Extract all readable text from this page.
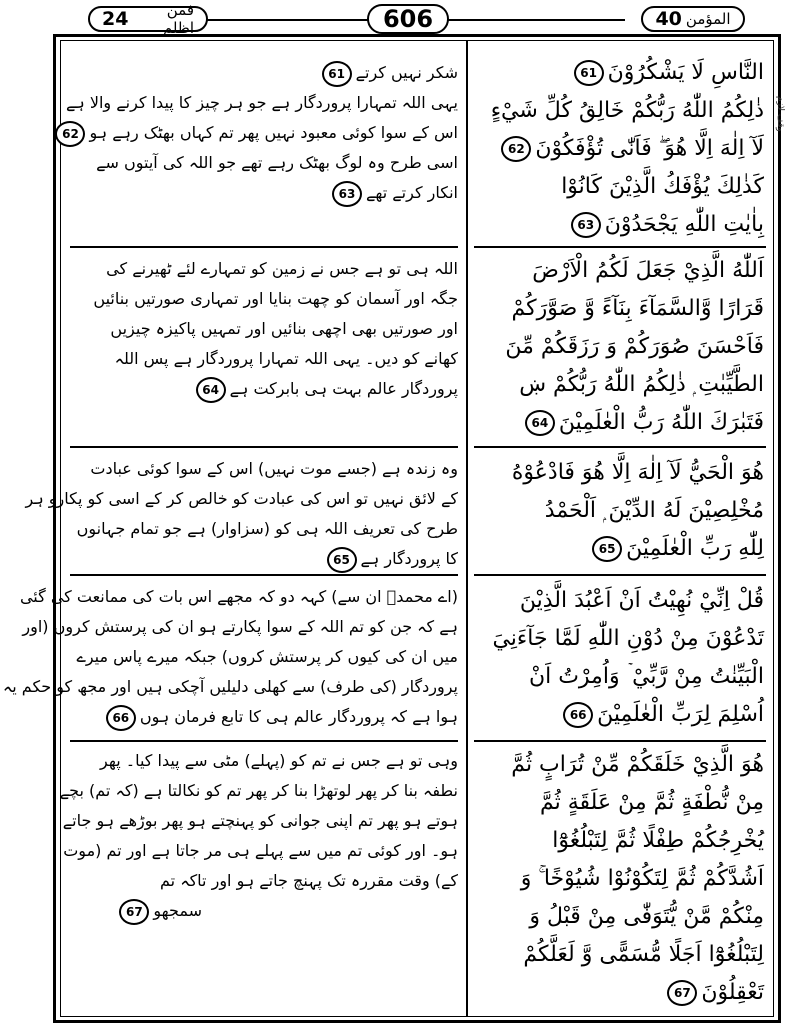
فمن اظلم
24	606	المؤمن
40
وقف لازم
النَّاسِ لَا يَشْكُرُوْنَ61
ذٰلِكُمُ اللّٰهُ رَبُّكُمْ خَالِقُ كُلِّ شَيْءٍ
لَآ اِلٰهَ اِلَّا هُوَ ۖ فَاَنّٰى تُؤْفَكُوْنَ62
كَذٰلِكَ يُؤْفَكُ الَّذِيْنَ كَانُوْا
بِاٰيٰتِ اللّٰهِ يَجْحَدُوْنَ63
اَللّٰهُ الَّذِيْ جَعَلَ لَكُمُ الْاَرْضَ
قَرَارًا وَّالسَّمَآءَ بِنَآءً وَّ صَوَّرَكُمْ
فَاَحْسَنَ صُوَرَكُمْ وَ رَزَقَكُمْ مِّنَ
الطَّيِّبٰتِ ۭ ذٰلِكُمُ اللّٰهُ رَبُّكُمْ ښ
فَتَبٰرَكَ اللّٰهُ رَبُّ الْعٰلَمِيْنَ64
هُوَ الْحَيُّ لَآ اِلٰهَ اِلَّا هُوَ فَادْعُوْهُ
مُخْلِصِيْنَ لَهُ الدِّيْنَ ۭ اَلْحَمْدُ
لِلّٰهِ رَبِّ الْعٰلَمِيْنَ65
قُلْ اِنِّيْ نُهِيْتُ اَنْ اَعْبُدَ الَّذِيْنَ
تَدْعُوْنَ مِنْ دُوْنِ اللّٰهِ لَمَّا جَآءَنِيَ
الْبَيِّنٰتُ مِنْ رَّبِّيْ ۡ وَاُمِرْتُ اَنْ
اُسْلِمَ لِرَبِّ الْعٰلَمِيْنَ66
هُوَ الَّذِيْ خَلَقَكُمْ مِّنْ تُرَابٍ ثُمَّ
مِنْ نُّطْفَةٍ ثُمَّ مِنْ عَلَقَةٍ ثُمَّ
يُخْرِجُكُمْ طِفْلًا ثُمَّ لِتَبْلُغُوْٓا
اَشُدَّكُمْ ثُمَّ لِتَكُوْنُوْا شُيُوْخًا ۚ وَ
مِنْكُمْ مَّنْ يُّتَوَفّٰى مِنْ قَبْلُ وَ
لِتَبْلُغُوْٓا اَجَلًا مُّسَمًّى وَّ لَعَلَّكُمْ
تَعْقِلُوْنَ67
شکر نہیں کرتے61
یہی اللہ تمہارا پروردگار ہے جو ہر چیز کا پیدا کرنے والا ہے
اس کے سوا کوئی معبود نہیں پھر تم کہاں بھٹک رہے ہو62
اسی طرح وہ لوگ بھٹک رہے تھے جو اللہ کی آیتوں سے
انکار کرتے تھے63
اللہ ہی تو ہے جس نے زمین کو تمہارے لئے ٹھیرنے کی
جگہ اور آسمان کو چھت بنایا اور تمہاری صورتیں بنائیں
اور صورتیں بھی اچھی بنائیں اور تمہیں پاکیزہ چیزیں
کھانے کو دیں۔ یہی اللہ تمہارا پروردگار ہے پس اللہ
پروردگار عالم بہت ہی بابرکت ہے64
وہ زندہ ہے (جسے موت نہیں) اس کے سوا کوئی عبادت
کے لائق نہیں تو اس کی عبادت کو خالص کر کے اسی کو پکارو ہر
طرح کی تعریف اللہ ہی کو (سزاوار) ہے جو تمام جہانوں
کا پروردگار ہے65
(اے محمدؐ ان سے) کہہ دو کہ مجھے اس بات کی ممانعت کی گئی
ہے کہ جن کو تم اللہ کے سوا پکارتے ہو ان کی پرستش کروں (اور
میں ان کی کیوں کر پرستش کروں) جبکہ میرے پاس میرے
پروردگار (کی طرف) سے کھلی دلیلیں آچکی ہیں اور مجھ کو حکم یہ
ہوا ہے کہ پروردگار عالم ہی کا تابع فرمان ہوں66
وہی تو ہے جس نے تم کو (پہلے) مٹی سے پیدا کیا۔ پھر
نطفہ بنا کر پھر لوتھڑا بنا کر پھر تم کو نکالتا ہے (کہ تم) بچے
ہوتے ہو پھر تم اپنی جوانی کو پہنچتے ہو پھر بوڑھے ہو جاتے
ہو۔ اور کوئی تم میں سے پہلے ہی مر جاتا ہے اور تم (موت
کے) وقت مقررہ تک پہنچ جاتے ہو اور تاکہ تم
سمجھو67
